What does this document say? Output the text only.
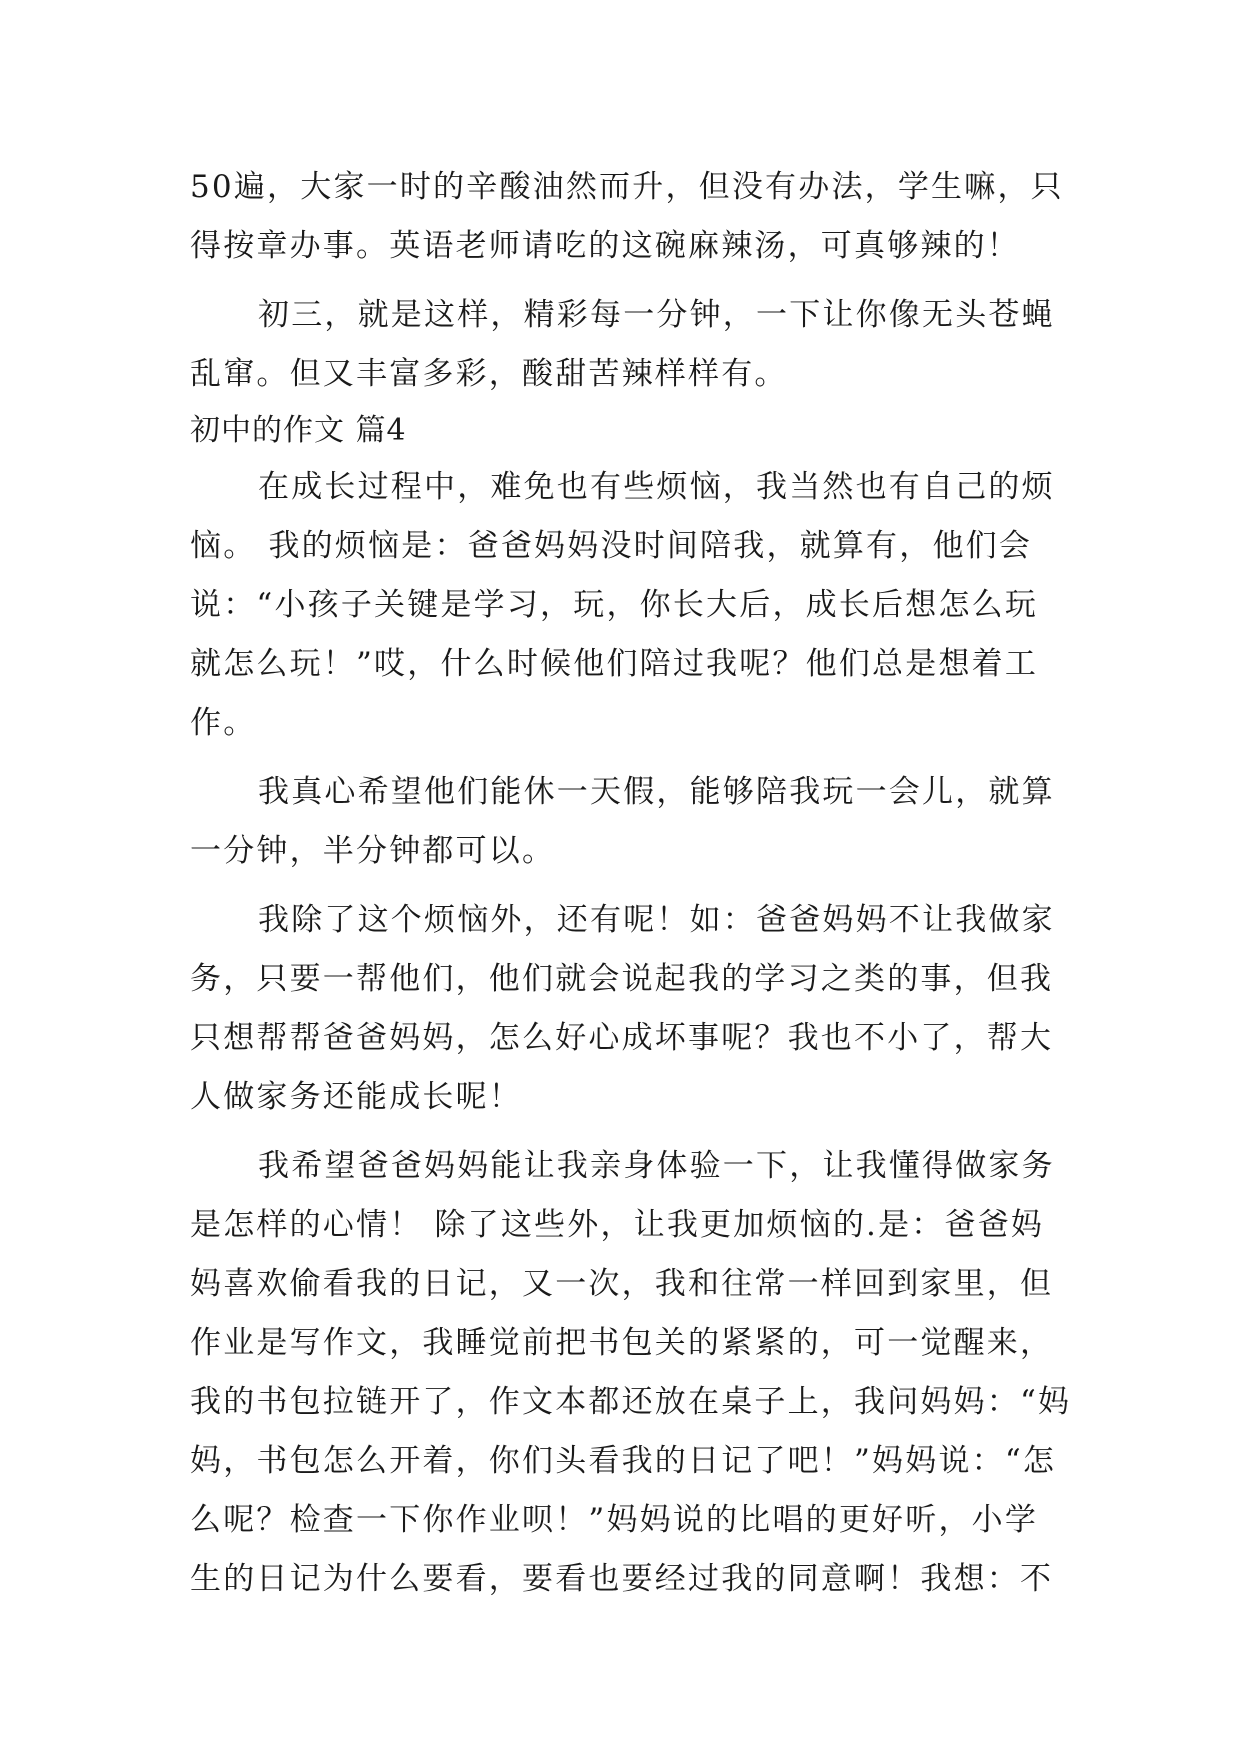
50遍，大家一时的辛酸油然而升，但没有办法，学生嘛，只
得按章办事。英语老师请吃的这碗麻辣汤，可真够辣的！
初三，就是这样，精彩每一分钟，一下让你像无头苍蝇
乱窜。但又丰富多彩，酸甜苦辣样样有。
初中的作文 篇4
在成长过程中，难免也有些烦恼，我当然也有自己的烦
恼。 我的烦恼是：爸爸妈妈没时间陪我，就算有，他们会
说：“小孩子关键是学习，玩，你长大后，成长后想怎么玩
就怎么玩！”哎，什么时候他们陪过我呢？他们总是想着工
作。
我真心希望他们能休一天假，能够陪我玩一会儿，就算
一分钟，半分钟都可以。
我除了这个烦恼外，还有呢！如：爸爸妈妈不让我做家
务，只要一帮他们，他们就会说起我的学习之类的事，但我
只想帮帮爸爸妈妈，怎么好心成坏事呢？我也不小了，帮大
人做家务还能成长呢！
我希望爸爸妈妈能让我亲身体验一下，让我懂得做家务
是怎样的心情！ 除了这些外，让我更加烦恼的.是：爸爸妈
妈喜欢偷看我的日记，又一次，我和往常一样回到家里，但
作业是写作文，我睡觉前把书包关的紧紧的，可一觉醒来，
我的书包拉链开了，作文本都还放在桌子上，我问妈妈：“妈
妈，书包怎么开着，你们头看我的日记了吧！”妈妈说：“怎
么呢？检查一下你作业呗！”妈妈说的比唱的更好听，小学
生的日记为什么要看，要看也要经过我的同意啊！我想：不
